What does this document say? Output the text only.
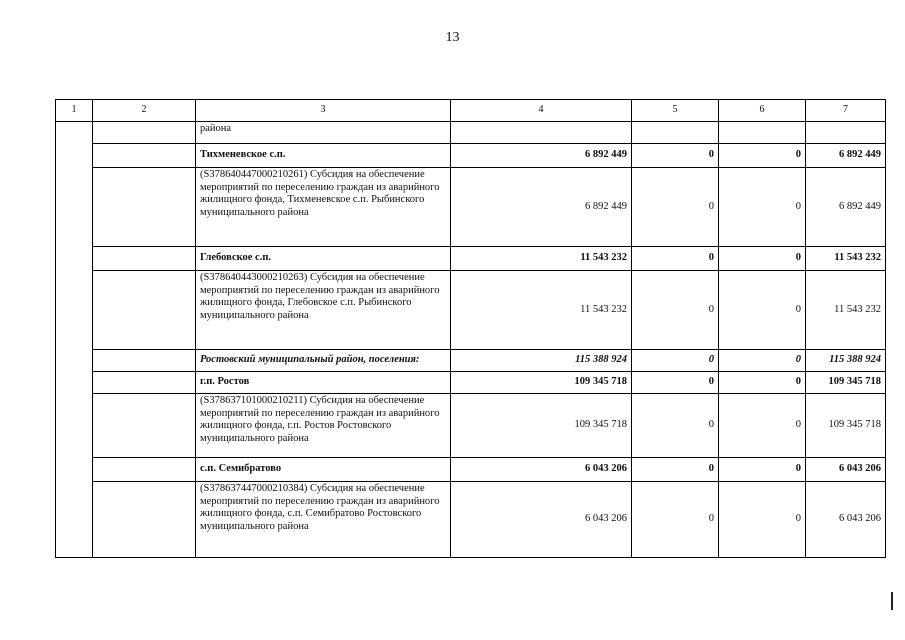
13
1	2	3	4	5	6	7
		района				
		Тихменевское с.п.	6 892 449	0	0	6 892 449
		(S378640447000210261) Субсидия на обеспечение мероприятий по переселению граждан из аварийного жилищного фонда, Тихменевское с.п. Рыбинского муниципального района	6 892 449	0	0	6 892 449
		Глебовское с.п.	11 543 232	0	0	11 543 232
		(S378640443000210263) Субсидия на обеспечение мероприятий по переселению граждан из аварийного жилищного фонда, Глебовское с.п. Рыбинского муниципального района	11 543 232	0	0	11 543 232
		Ростовский муниципальный район, поселения:	115 388 924	0	0	115 388 924
		г.п. Ростов	109 345 718	0	0	109 345 718
		(S378637101000210211) Субсидия на обеспечение мероприятий по переселению граждан из аварийного жилищного фонда, г.п. Ростов Ростовского муниципального района	109 345 718	0	0	109 345 718
		с.п. Семибратово	6 043 206	0	0	6 043 206
		(S378637447000210384) Субсидия на обеспечение мероприятий по переселению граждан из аварийного жилищного фонда, с.п. Семибратово Ростовского муниципального района	6 043 206	0	0	6 043 206
